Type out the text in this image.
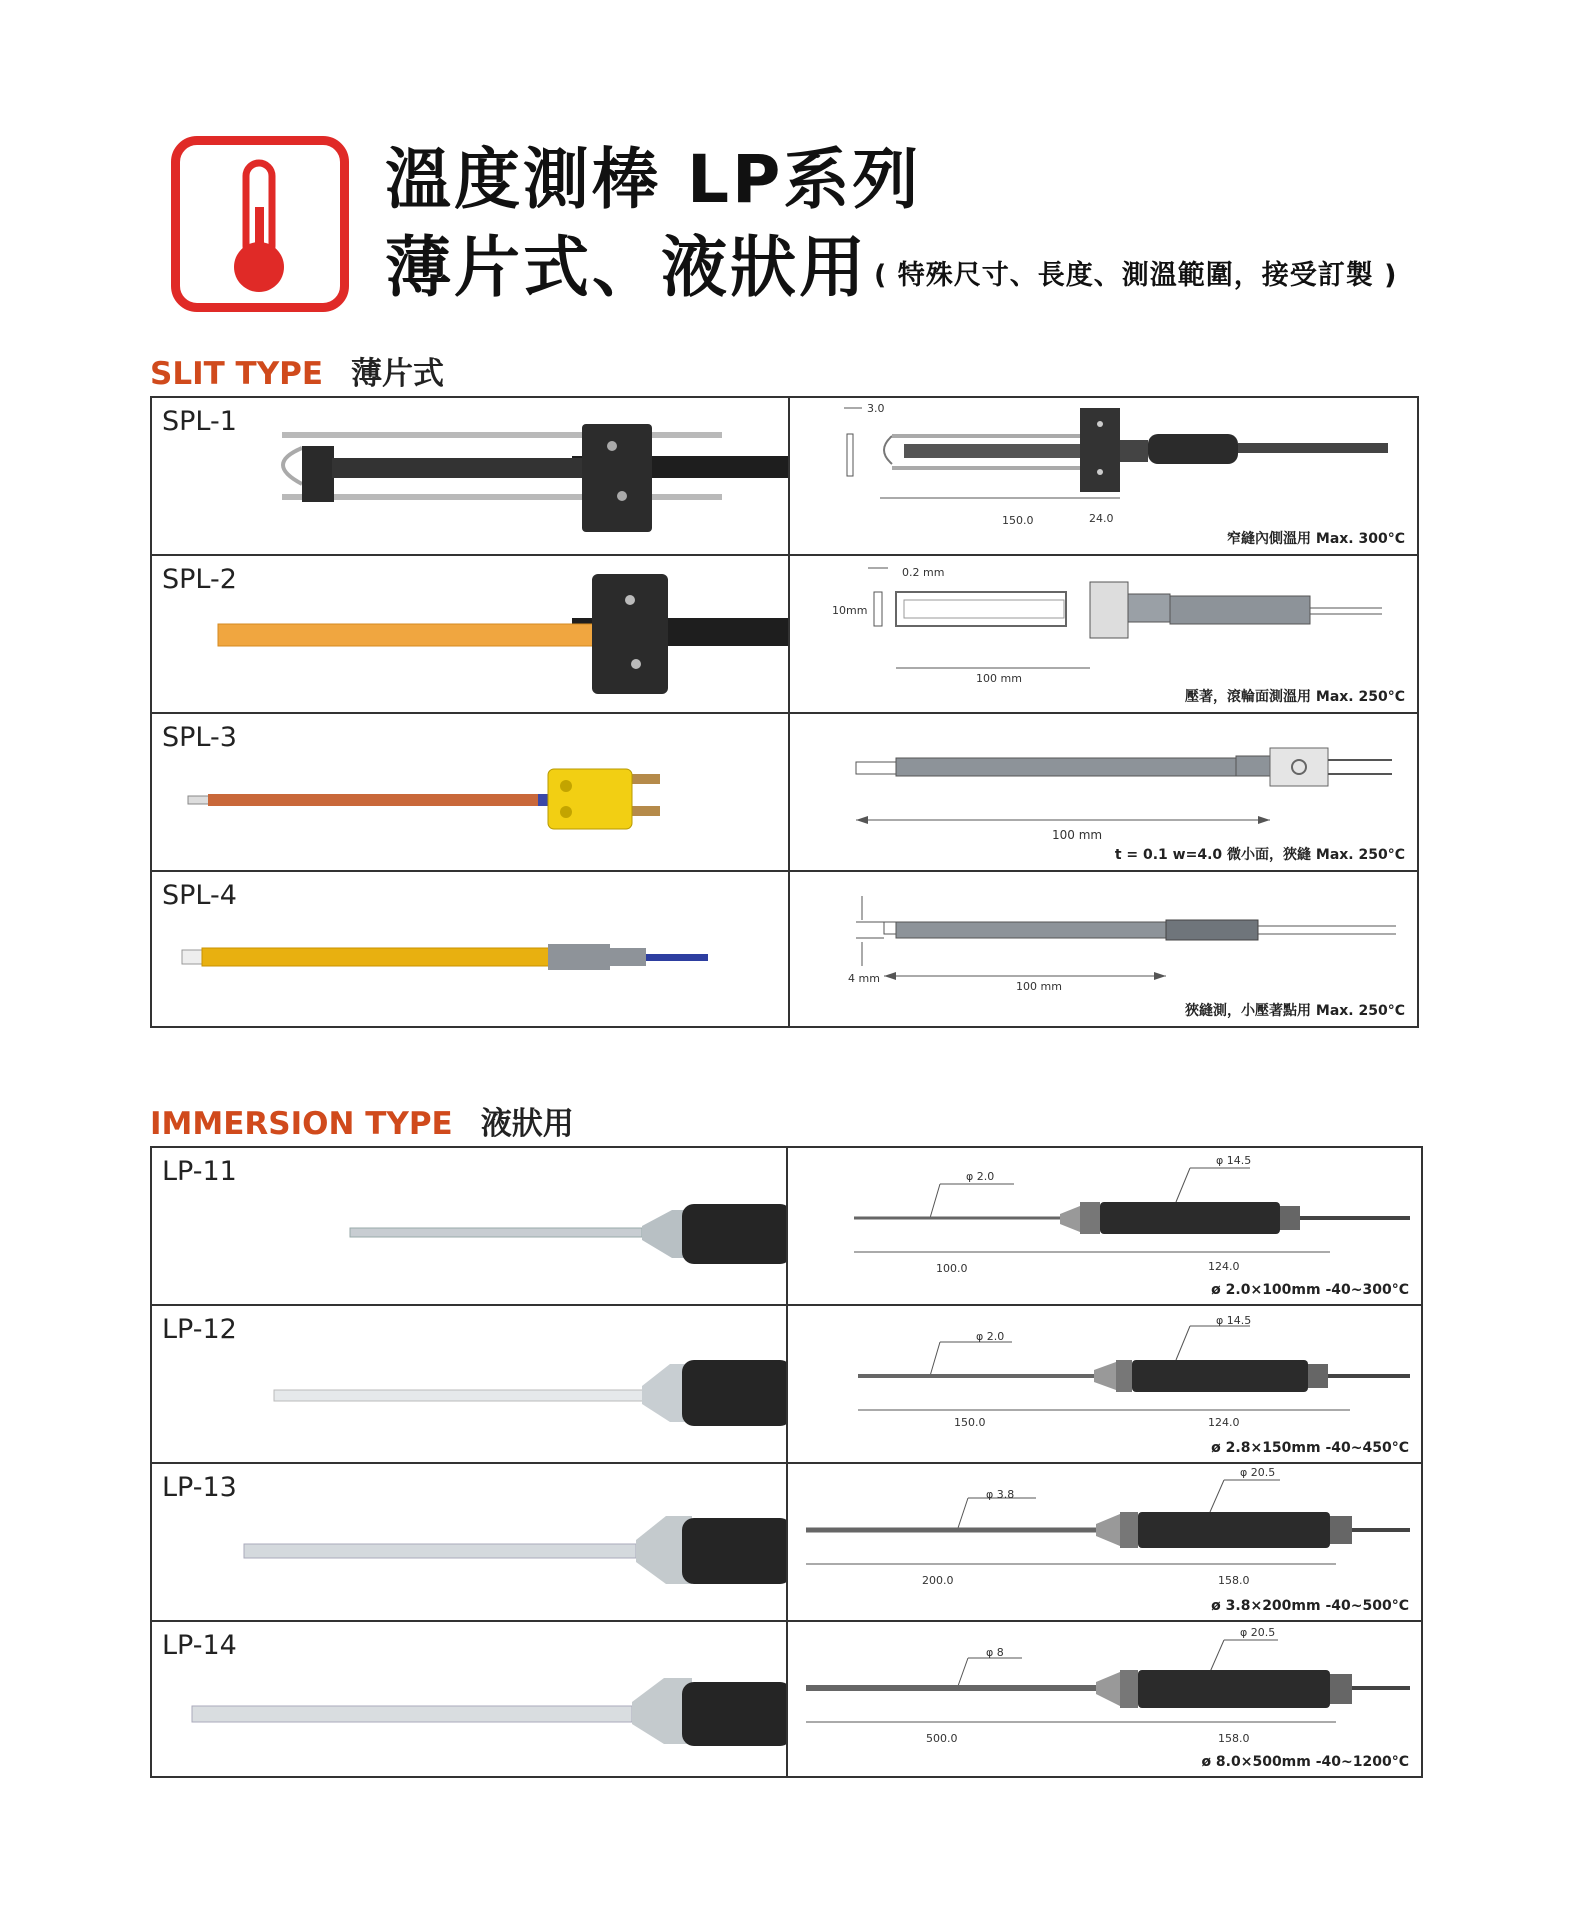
溫度測棒 LP系列
薄片式、液狀用 $^{( 特殊尺寸、長度、測溫範圍,接受訂製 )}$
SLIT TYPE 薄片式
SPL-1	3.0
150.0	24.0
窄縫內側溫用 Max. 300°C
SPL-2	0.2 mm
10mm
100 mm
壓著，滾輪面測溫用 Max. 250°C
SPL-3
100 mm
t = 0.1 w=4.0 微小面，狹縫 Max. 250°C
SPL-4
4 mm
100 mm
狹縫測，小壓著點用 Max. 250°C
IMMERSION TYPE 液狀用
LP-11	φ 2.0
φ 14.5
100.0	124.0
ø 2.0×100mm -40~300°C
LP-12	φ 2.0
φ 14.5
150.0	124.0
ø 2.8×150mm -40~450°C
LP-13	φ 3.8
φ 20.5
200.0	158.0
ø 3.8×200mm -40~500°C
LP-14	φ 8
φ 20.5
500.0	158.0
ø 8.0×500mm -40~1200°C
